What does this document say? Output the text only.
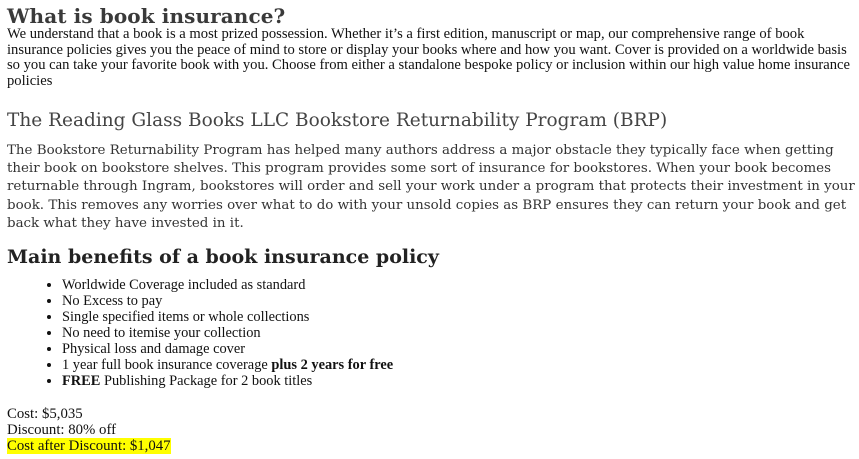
What is book insurance?

We understand that a book is a most prized possession. Whether it’s a first edition, manuscript or map, our comprehensive range of book insurance policies gives you the peace of mind to store or display your books where and how you want. Cover is provided on a worldwide basis so you can take your favorite book with you. Choose from either a standalone bespoke policy or inclusion within our high value home insurance policies

The Reading Glass Books LLC Bookstore Returnability Program (BRP)

The Bookstore Returnability Program has helped many authors address a major obstacle they typically face when getting their book on bookstore shelves. This program provides some sort of insurance for bookstores. When your book becomes returnable through Ingram, bookstores will order and sell your work under a program that protects their investment in your book. This removes any worries over what to do with your unsold copies as BRP ensures they can return your book and get back what they have invested in it.

Main benefits of a book insurance policy
• Worldwide Coverage included as standard
• No Excess to pay
• Single specified items or whole collections
• No need to itemise your collection
• Physical loss and damage cover
• 1 year full book insurance coverage plus 2 years for free
• FREE Publishing Package for 2 book titles
Cost: $5,035
Discount: 80% off
Cost after Discount: $1,047
